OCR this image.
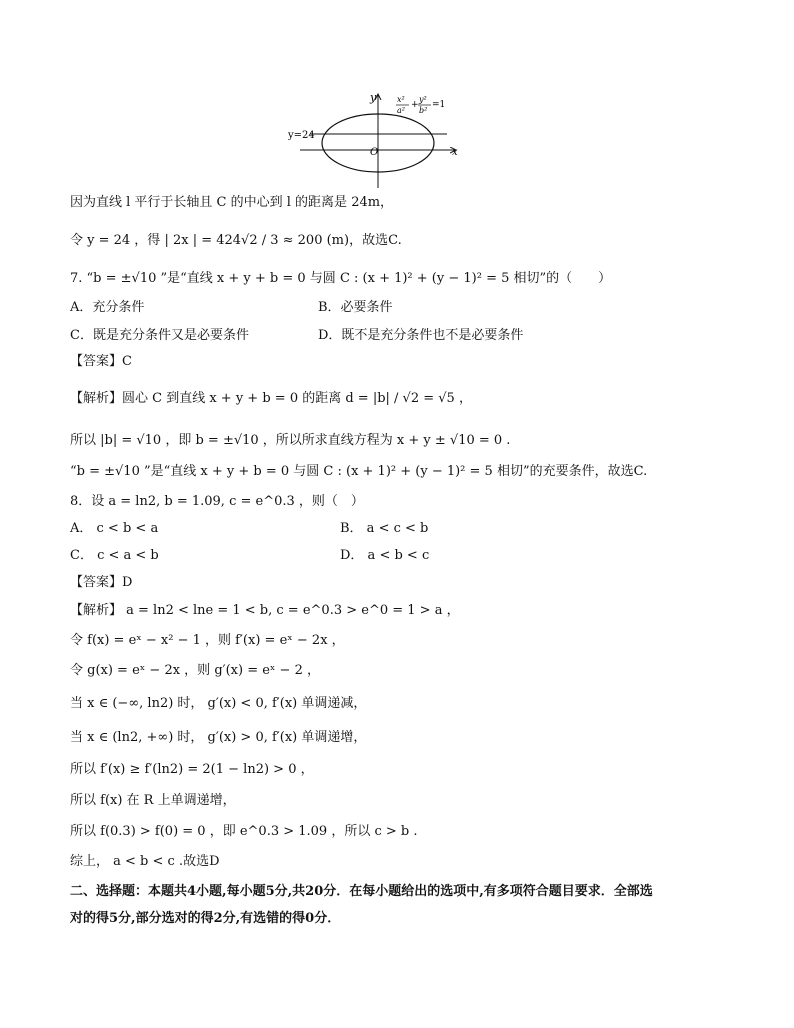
y
x
O
y=24
x²
a²
+
y²
b²
=1
因为直线 l 平行于长轴且 C 的中心到 l 的距离是 24m，
令 y = 24 ，得 | 2x | = 424√2 / 3 ≈ 200 (m)，故选C.
7. “b = ±√10 ”是“直线 x + y + b = 0 与圆 C : (x + 1)² + (y − 1)² = 5 相切”的（　　）
A．充分条件	B．必要条件
C．既是充分条件又是必要条件	D．既不是充分条件也不是必要条件
【答案】C
【解析】圆心 C 到直线 x + y + b = 0 的距离 d = |b| / √2 = √5 ，
所以 |b| = √10 ，即 b = ±√10 ，所以所求直线方程为 x + y ± √10 = 0 .
“b = ±√10 ”是“直线 x + y + b = 0 与圆 C : (x + 1)² + (y − 1)² = 5 相切”的充要条件，故选C.
8．设 a = ln2, b = 1.09, c = e^0.3 ，则（　）
A． c < b < a	B． a < c < b
C． c < a < b	D． a < b < c
【答案】D
【解析】 a = ln2 < lne = 1 < b, c = e^0.3 > e^0 = 1 > a ，
令 f(x) = eˣ − x² − 1 ，则 f′(x) = eˣ − 2x ，
令 g(x) = eˣ − 2x ，则 g′(x) = eˣ − 2 ，
当 x ∈ (−∞, ln2) 时， g′(x) < 0, f′(x) 单调递减，
当 x ∈ (ln2, +∞) 时， g′(x) > 0, f′(x) 单调递增，
所以 f′(x) ≥ f′(ln2) = 2(1 − ln2) > 0 ，
所以 f(x) 在 R 上单调递增，
所以 f(0.3) > f(0) = 0 ，即 e^0.3 > 1.09 ，所以 c > b .
综上， a < b < c .故选D
二、选择题：本题共4小题,每小题5分,共20分．在每小题给出的选项中,有多项符合题目要求．全部选
对的得5分,部分选对的得2分,有选错的得0分．
